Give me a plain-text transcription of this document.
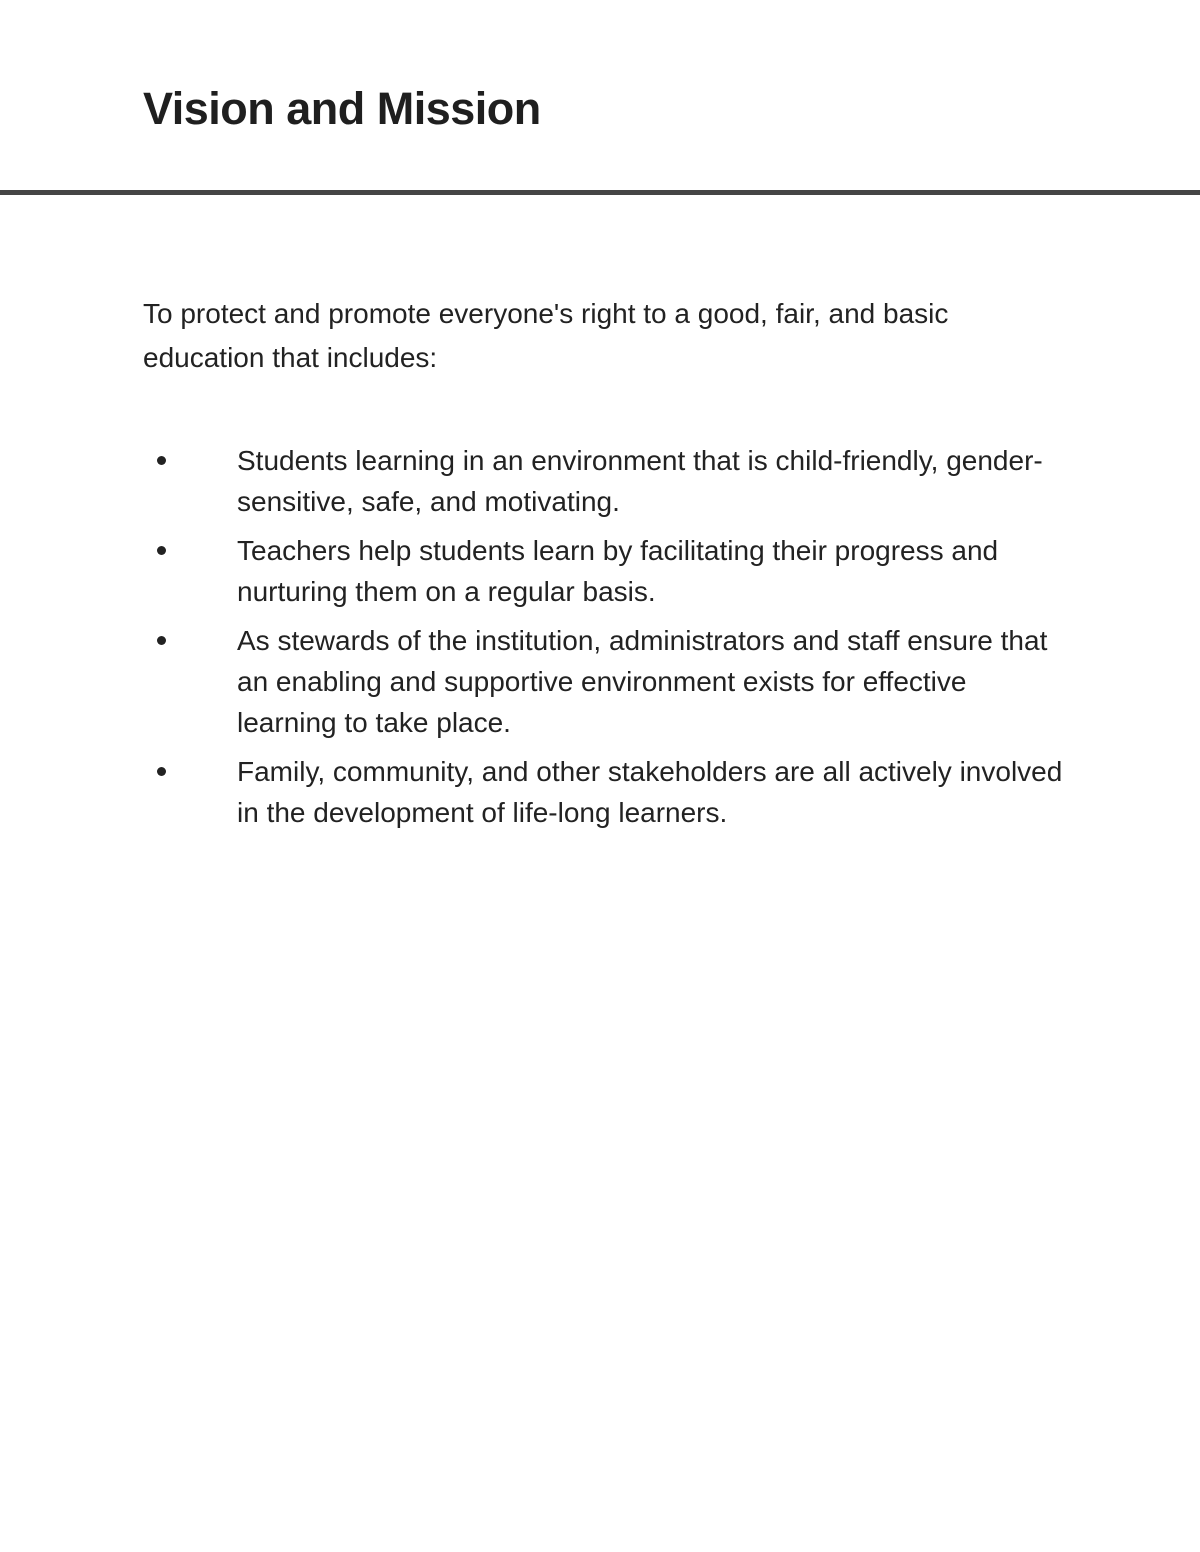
Vision and Mission

To protect and promote everyone's right to a good, fair, and basic education that includes:

Students learning in an environment that is child-friendly, gender-sensitive, safe, and motivating.
Teachers help students learn by facilitating their progress and nurturing them on a regular basis.
As stewards of the institution, administrators and staff ensure that an enabling and supportive environment exists for effective learning to take place.
Family, community, and other stakeholders are all actively involved in the development of life-long learners.
